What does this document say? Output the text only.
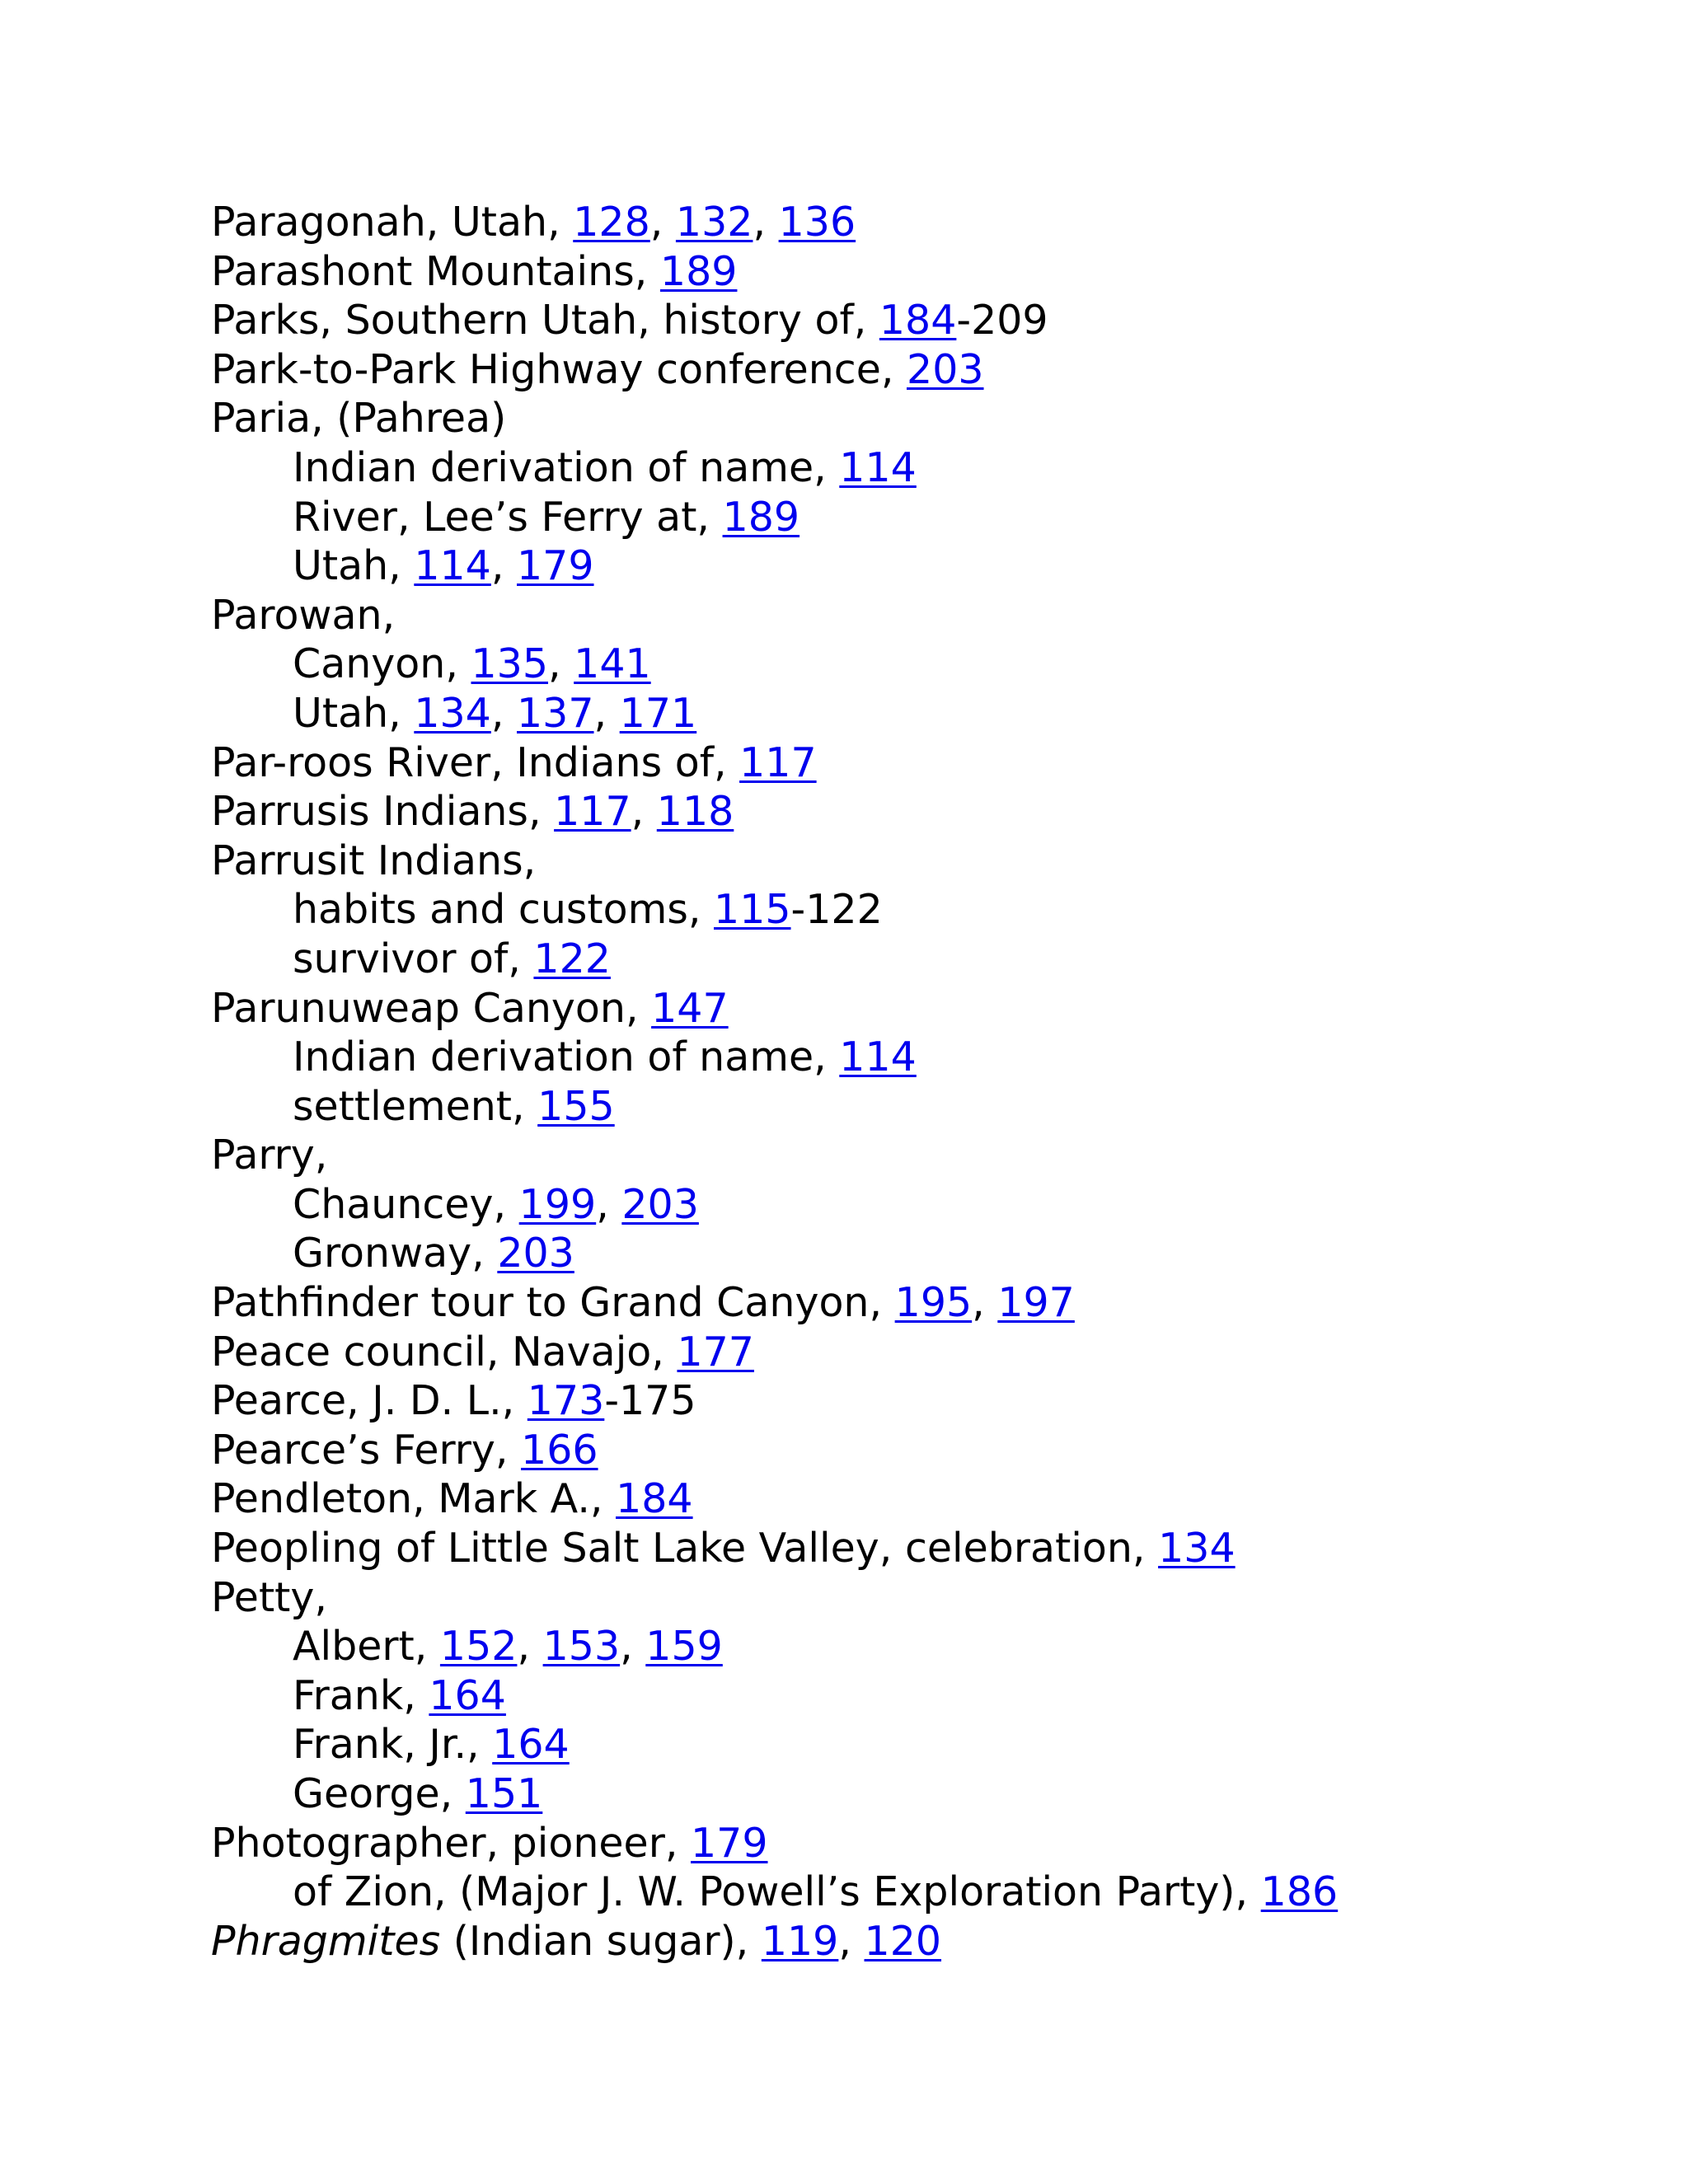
Paragonah, Utah, 128, 132, 136
Parashont Mountains, 189
Parks, Southern Utah, history of, 184-209
Park-to-Park Highway conference, 203
Paria, (Pahrea)
Indian derivation of name, 114
River, Lee’s Ferry at, 189
Utah, 114, 179
Parowan,
Canyon, 135, 141
Utah, 134, 137, 171
Par-roos River, Indians of, 117
Parrusis Indians, 117, 118
Parrusit Indians,
habits and customs, 115-122
survivor of, 122
Parunuweap Canyon, 147
Indian derivation of name, 114
settlement, 155
Parry,
Chauncey, 199, 203
Gronway, 203
Pathfinder tour to Grand Canyon, 195, 197
Peace council, Navajo, 177
Pearce, J. D. L., 173-175
Pearce’s Ferry, 166
Pendleton, Mark A., 184
Peopling of Little Salt Lake Valley, celebration, 134
Petty,
Albert, 152, 153, 159
Frank, 164
Frank, Jr., 164
George, 151
Photographer, pioneer, 179
of Zion, (Major J. W. Powell’s Exploration Party), 186
Phragmites (Indian sugar), 119, 120
